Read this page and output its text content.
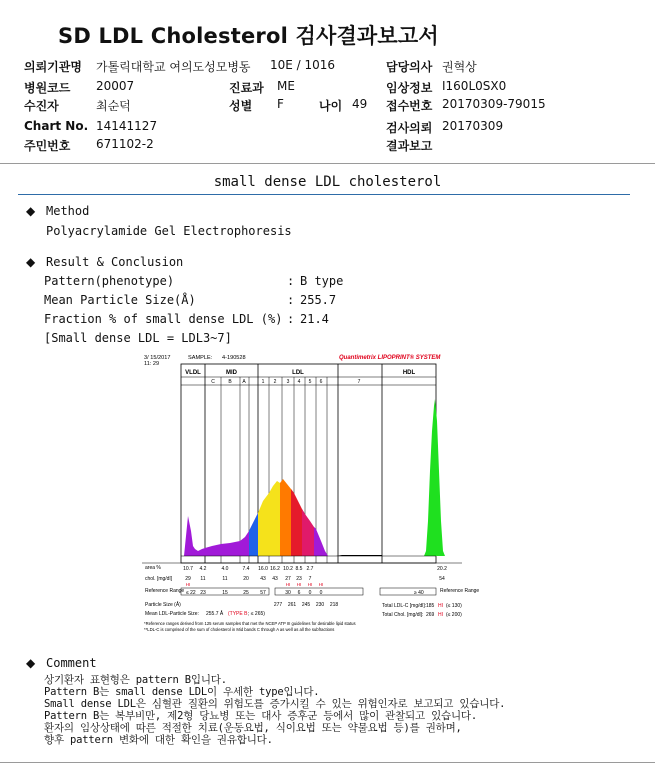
SD LDL Cholesterol 검사결과보고서
의뢰기관명 가톨릭대학교 여의도성모병동 10E / 1016	담당의사 권혁상
병원코드 20007	진료과 ME	임상정보 I160L0SX0
수진자	최순덕	성별 F	나이 49 접수번호 20170309-79015
Chart No. 14141127	검사의뢰 20170309
주민번호 671102-2	결과보고
small dense LDL cholesterol
◆ Method
Polyacrylamide Gel Electrophoresis
◆ Result & Conclusion
Pattern(phenotype)	: B type
Mean Particle Size(Å)	: 255.7
Fraction % of small dense LDL (%) : 21.4
[Small dense LDL = LDL3~7]
3/ 15/2017
11: 29
SAMPLE: 4-190528	Quantimetrix LIPOPRINT® SYSTEM
VLDL	MID	LDL	HDL
C	B A	1 2 3 4 5 6	7
area %	10.7 4.2	4.0	7.4 16.0 16.2 10.2 8.5 2.7	20.2
chol. [mg/dl]	29 11	11	20 43 43 27 23 7	54
HI	HI HI HI HI
Reference Range ≤ 22 23	15	25 57	30 6 0 0	≥ 40	Reference Range
Particle Size (Å)	277 261 245 230 218
Mean LDL-Particle Size: 255.7 Å (TYPE B ; ≤ 265)
Total LDL-C [mg/dl]: 185 HI (≤ 130)
Total Chol. [mg/dl]: 269 HI (≤ 200)
*Reference ranges derived from 125 serum samples that met the NCEP ATP III guidelines for desirable lipid status
**LDL-C is comprised of the sum of cholesterol in Mid bands C through A as well as all the subfractions
◆ Comment
상기환자 표현형은 pattern B입니다.
Pattern B는 small dense LDL이 우세한 type입니다.
Small dense LDL은 심혈관 질환의 위험도를 증가시킬 수 있는 위험인자로 보고되고 있습니다.
Pattern B는 복부비만, 제2형 당뇨병 또는 대사 증후군 등에서 많이 관찰되고 있습니다.
환자의 임상상태에 따른 적절한 치료(운동요법, 식이요법 또는 약물요법 등)를 권하며,
향후 pattern 변화에 대한 확인을 권유합니다.
